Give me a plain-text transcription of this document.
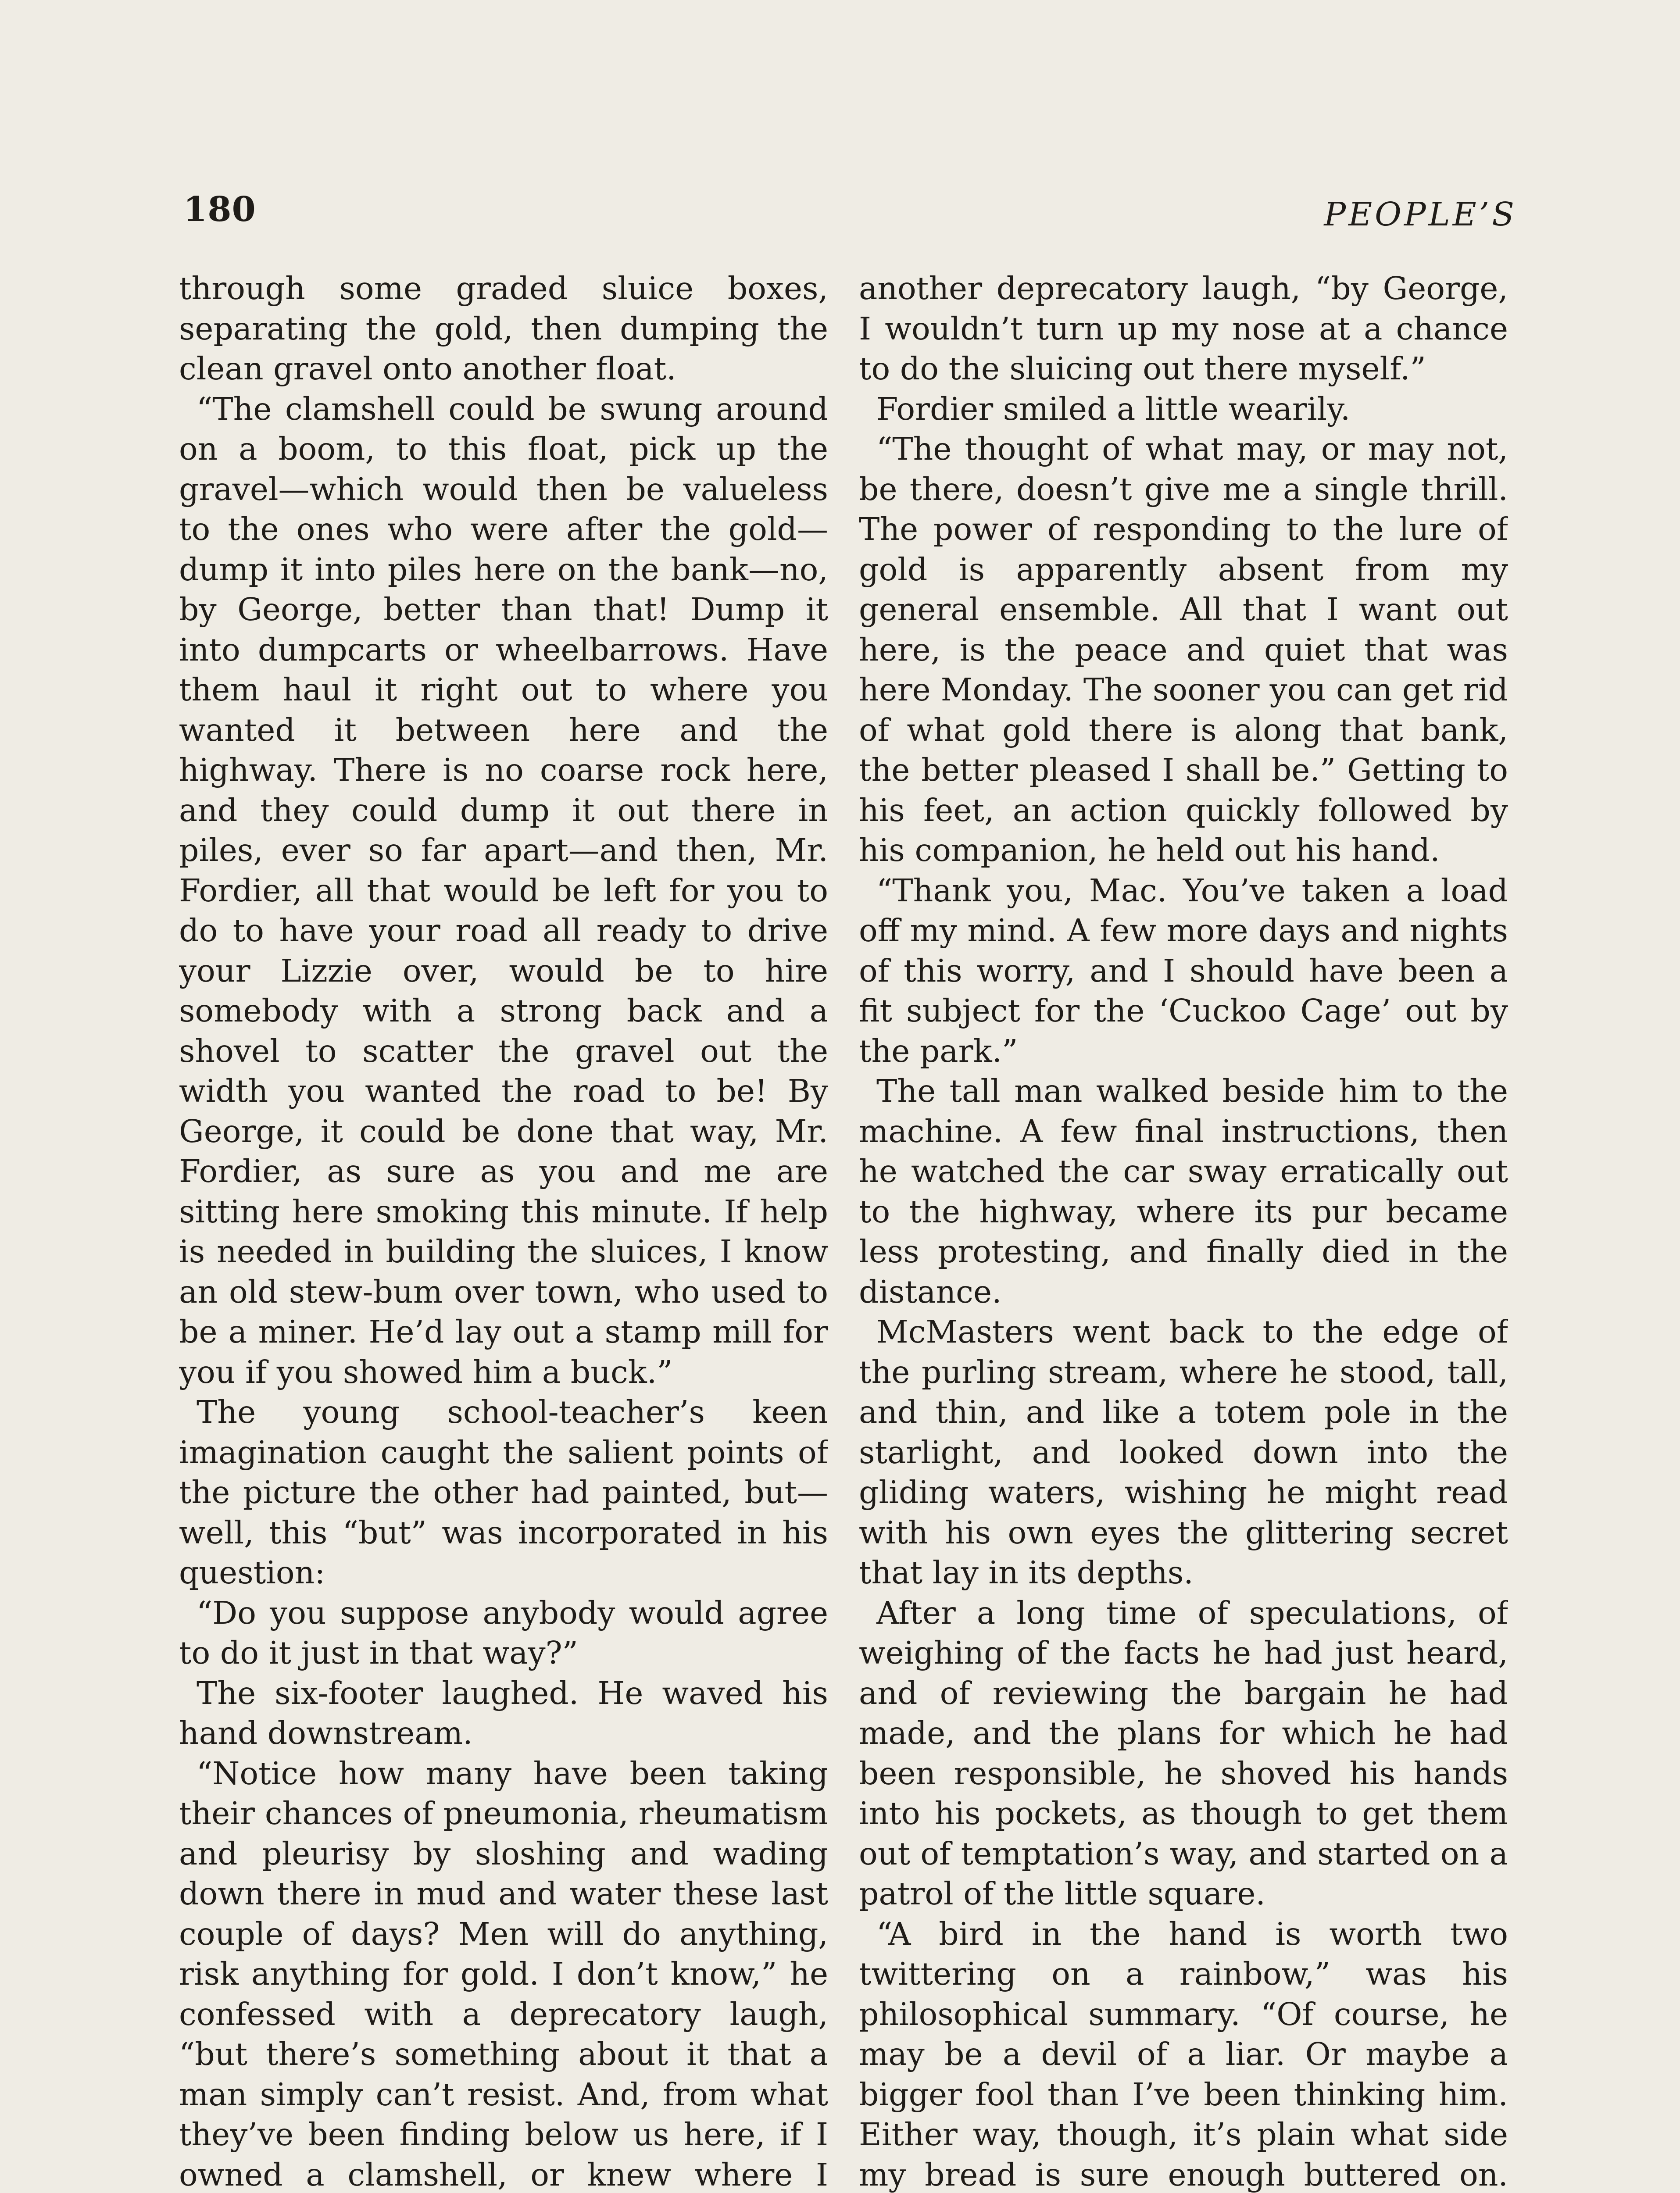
180	PEOPLE’S

through some graded sluice boxes, separating the gold, then dumping the clean gravel onto another float.

“The clamshell could be swung around on a boom, to this float, pick up the gravel—which would then be valueless to the ones who were after the gold—dump it into piles here on the bank—no, by George, better than that! Dump it into dumpcarts or wheelbarrows. Have them haul it right out to where you wanted it between here and the highway. There is no coarse rock here, and they could dump it out there in piles, ever so far apart—and then, Mr. Fordier, all that would be left for you to do to have your road all ready to drive your Lizzie over, would be to hire somebody with a strong back and a shovel to scatter the gravel out the width you wanted the road to be! By George, it could be done that way, Mr. Fordier, as sure as you and me are sitting here smoking this minute. If help is needed in building the sluices, I know an old stew-bum over town, who used to be a miner. He’d lay out a stamp mill for you if you showed him a buck.”

The young school-teacher’s keen imagination caught the salient points of the picture the other had painted, but—well, this “but” was incorporated in his question:

“Do you suppose anybody would agree to do it just in that way?”

The six-footer laughed. He waved his hand downstream.

“Notice how many have been taking their chances of pneumonia, rheumatism and pleurisy by sloshing and wading down there in mud and water these last couple of days? Men will do anything, risk anything for gold. I don’t know,” he confessed with a deprecatory laugh, “but there’s something about it that a man simply can’t resist. And, from what they’ve been finding below us here, if I owned a clamshell, or knew where I

another deprecatory laugh, “by George, I wouldn’t turn up my nose at a chance to do the sluicing out there myself.”

Fordier smiled a little wearily.

“The thought of what may, or may not, be there, doesn’t give me a single thrill. The power of responding to the lure of gold is apparently absent from my general ensemble. All that I want out here, is the peace and quiet that was here Monday. The sooner you can get rid of what gold there is along that bank, the better pleased I shall be.” Getting to his feet, an action quickly followed by his companion, he held out his hand.

“Thank you, Mac. You’ve taken a load off my mind. A few more days and nights of this worry, and I should have been a fit subject for the ‘Cuckoo Cage’ out by the park.”

The tall man walked beside him to the machine. A few final instructions, then he watched the car sway erratically out to the highway, where its pur became less protesting, and finally died in the distance.

McMasters went back to the edge of the purling stream, where he stood, tall, and thin, and like a totem pole in the starlight, and looked down into the gliding waters, wishing he might read with his own eyes the glittering secret that lay in its depths.

After a long time of speculations, of weighing of the facts he had just heard, and of reviewing the bargain he had made, and the plans for which he had been responsible, he shoved his hands into his pockets, as though to get them out of temptation’s way, and started on a patrol of the little square.

“A bird in the hand is worth two twittering on a rainbow,” was his philosophical summary. “Of course, he may be a devil of a liar. Or maybe a bigger fool than I’ve been thinking him. Either way, though, it’s plain what side my bread is sure enough buttered on.
